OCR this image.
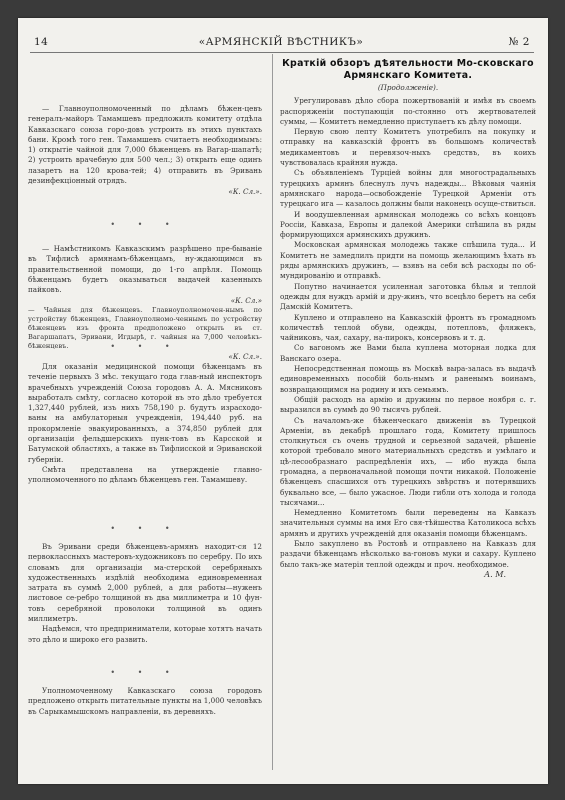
14	«АРМЯНСКIЙ ВѢСТНИКЪ»	№ 2

— Главноуполномоченный по дѣламъ бѣжен-цевъ генералъ-майоръ Тамамшевъ предложилъ комитету отдѣла Кавказскаго союза горо-довъ устроить въ этихъ пунктахъ бани. Кромѣ того ген. Тамамшевъ считаетъ необходимымъ: 1) открытіе чайной для 7,000 бѣженцевъ въ Вагар-шапатѣ; 2) устроить врачебную для 500 чел.; 3) открыть еще одинъ лазаретъ на 120 крова-тей; 4) отправить въ Эривань дезинфекціонный отрядъ.

«К. Сл.».
• • •

— Намѣстникомъ Кавказскимъ разрѣшено пре-бываніе въ Тифлисѣ армянамъ-бѣженцамъ, ну-ждающимся въ правительственной помощи, до 1-го апрѣля. Помощь бѣженцамъ будетъ оказываться выдачей казенныхъ пайковъ.

«К. Сл.»

— Чайныя для бѣженцевъ. Главноуполномочен-нымъ по устройству бѣженцевъ, Главноуполномо-ченнымъ по устройству бѣженцевъ изъ фронта предположено открыть въ ст. Вагаршапатъ, Эривани, Игдырѣ, г. чайныя на 7,000 человѣкъ-бѣженцевъ.

«К. Сл.».
• • •

Для оказанія медицинской помощи бѣженцамъ въ теченіе первыхъ 3 мѣс. текущаго года глав-ный инспекторъ врачебныхъ учрежденій Союза городовъ А. А. Мясниковъ выработалъ смѣту, согласно которой въ это дѣло требуется 1,327,440 рублей, изъ нихъ 758,190 р. будутъ израсходо-ваны на амбулаторныя учрежденія, 194,440 руб. на прокормленіе эвакуированныхъ, а 374,850 рублей для организаціи фельдшерскихъ пунк-товъ въ Карсской и Батумской областяхъ, а также въ Тифлисской и Эриванской губерніи.

Смѣта представлена на утвержденіе главно-уполномоченного по дѣламъ бѣженцевъ ген. Тамамшеву.

• • •

Въ Эривани среди бѣженцевъ-армянъ находит-ся 12 первоклассныхъ мастеровъ-художниковъ по серебру. По ихъ словамъ для организаціи ма-стерской серебряныхъ художественныхъ издѣлій необходима единовременная затрата въ суммѣ 2,000 рублей, а для работы—нуженъ листовое се-ребро толщиной въ два миллиметра и 10 фун-товъ серебряной проволоки толщиной въ одинъ миллиметръ.

Надѣемся, что предприниматели, которые хотятъ начать это дѣло и широко его развить.

• • •

Уполномоченному Кавказскаго союза городовъ предложено открыть питательные пункты на 1,000 человѣкъ въ Сарыкамышскомъ направленіи, въ деревняхъ.

Краткій обзоръ дѣятельности Мо-сковскаго Армянскаго Комитета.
(Продолженіе).

Урегулировавъ дѣло сбора пожертвованій и имѣя въ своемъ распоряженіи поступающія по-стоянно отъ жертвователей суммы, — Комитетъ немедленно приступаетъ къ дѣлу помощи.

Первую свою лепту Комитетъ употребилъ на покупку и отправку на кавказскій фронтъ въ большомъ количествѣ медикаментовъ и перевязоч-ныхъ средствъ, въ коихъ чувствовалась крайняя нужда.

Съ объявленіемъ Турціей войны для многострадальныхъ турецкихъ армянъ блеснулъ лучъ надежды... Вѣковыя чаянія армянскаго народа—освобожденіе Турецкой Арменіи отъ турецкаго ига — казалось должны были наконецъ осуще-ствиться.

И воодушевленная армянская молодежь со всѣхъ концовъ Россіи, Кавказа, Европы и далекой Америки спѣшила въ ряды формирующихся армянскихъ дружинъ.

Московская армянская молодежь также спѣшила туда... И Комитетъ не замедлилъ придти на помощь желающимъ ѣхать въ ряды армянскихъ дружинъ, — взявъ на себя всѣ расходы по об-мундированію и отправкѣ.

Попутно начинается усиленная заготовка бѣлья и теплой одежды для нуждъ армій и дру-жинъ, что всецѣло беретъ на себя Дамскій Комитетъ.

Куплено и отправлено на Кавказскій фронтъ въ громадномъ количествѣ теплой обуви, одежды, потепловъ, фляжекъ, чайниковъ, чая, сахару, на-пирокъ, консервовъ и т. д.

Со вагономъ же Вами была куплена моторная лодка для Ванскаго озера.

Непосредственная помощь въ Москвѣ выра-залась въ выдачѣ единовременныхъ пособій боль-нымъ и раненымъ воинамъ, возвращающимся на родину и ихъ семьямъ.

Общій расходъ на армію и дружины по первое ноября с. г. выразился въ суммѣ до 90 тысячъ рублей.

Съ началомъ-же бѣженческаго движенія въ Турецкой Арменіи, въ декабрѣ прошлаго года, Комитету пришлось столкнуться съ очень трудной и серьезной задачей, рѣшеніе которой требовало много материальныхъ средствъ и умѣлаго и цѣ-лесообразнаго распредѣленія ихъ, — ибо нужда была громадна, а первоначальной помощи почти никакой. Положеніе бѣженцевъ спасшихся отъ турецкихъ звѣрствъ и потерявшихъ буквально все, — было ужасное. Люди гибли отъ холода и голода тысячами...

Немедленно Комитетомъ были переведены на Кавказъ значительныя суммы на имя Его свя-тѣйшества Католикоса всѣхъ армянъ и другихъ учрежденій для оказанія помощи бѣженцамъ.

Было закуплено въ Ростовѣ и отправлено на Кавказъ для раздачи бѣженцамъ нѣсколько ва-гоновъ муки и сахару. Куплено было такъ-же матерія теплой одежды и проч. необходимое.

А. М.
